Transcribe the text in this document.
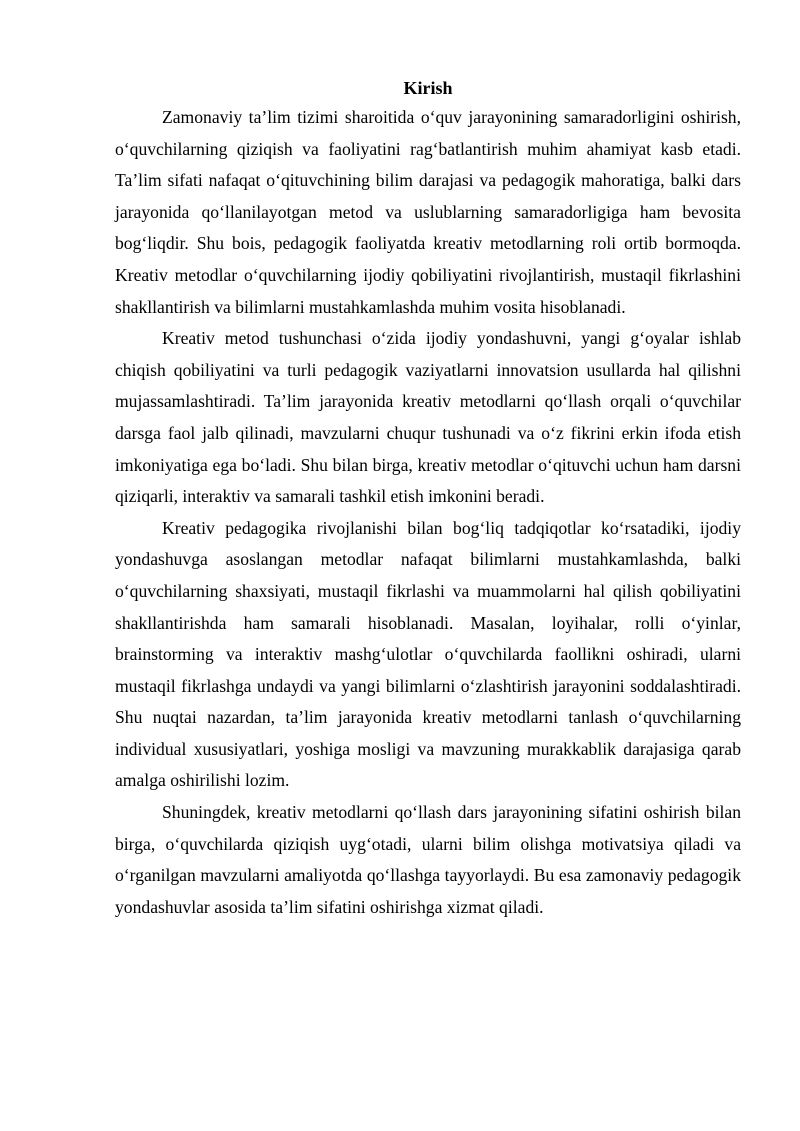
Kirish

Zamonaviy ta’lim tizimi sharoitida o‘quv jarayonining samaradorligini oshirish, o‘quvchilarning qiziqish va faoliyatini rag‘batlantirish muhim ahamiyat kasb etadi. Ta’lim sifati nafaqat o‘qituvchining bilim darajasi va pedagogik mahoratiga, balki dars jarayonida qo‘llanilayotgan metod va uslublarning samaradorligiga ham bevosita bog‘liqdir. Shu bois, pedagogik faoliyatda kreativ metodlarning roli ortib bormoqda. Kreativ metodlar o‘quvchilarning ijodiy qobiliyatini rivojlantirish, mustaqil fikrlashini shakllantirish va bilimlarni mustahkamlashda muhim vosita hisoblanadi.

Kreativ metod tushunchasi o‘zida ijodiy yondashuvni, yangi g‘oyalar ishlab chiqish qobiliyatini va turli pedagogik vaziyatlarni innovatsion usullarda hal qilishni mujassamlashtiradi. Ta’lim jarayonida kreativ metodlarni qo‘llash orqali o‘quvchilar darsga faol jalb qilinadi, mavzularni chuqur tushunadi va o‘z fikrini erkin ifoda etish imkoniyatiga ega bo‘ladi. Shu bilan birga, kreativ metodlar o‘qituvchi uchun ham darsni qiziqarli, interaktiv va samarali tashkil etish imkonini beradi.

Kreativ pedagogika rivojlanishi bilan bog‘liq tadqiqotlar ko‘rsatadiki, ijodiy yondashuvga asoslangan metodlar nafaqat bilimlarni mustahkamlashda, balki o‘quvchilarning shaxsiyati, mustaqil fikrlashi va muammolarni hal qilish qobiliyatini shakllantirishda ham samarali hisoblanadi. Masalan, loyihalar, rolli o‘yinlar, brainstorming va interaktiv mashg‘ulotlar o‘quvchilarda faollikni oshiradi, ularni mustaqil fikrlashga undaydi va yangi bilimlarni o‘zlashtirish jarayonini soddalashtiradi. Shu nuqtai nazardan, ta’lim jarayonida kreativ metodlarni tanlash o‘quvchilarning individual xususiyatlari, yoshiga mosligi va mavzuning murakkablik darajasiga qarab amalga oshirilishi lozim.

Shuningdek, kreativ metodlarni qo‘llash dars jarayonining sifatini oshirish bilan birga, o‘quvchilarda qiziqish uyg‘otadi, ularni bilim olishga motivatsiya qiladi va o‘rganilgan mavzularni amaliyotda qo‘llashga tayyorlaydi. Bu esa zamonaviy pedagogik yondashuvlar asosida ta’lim sifatini oshirishga xizmat qiladi.
